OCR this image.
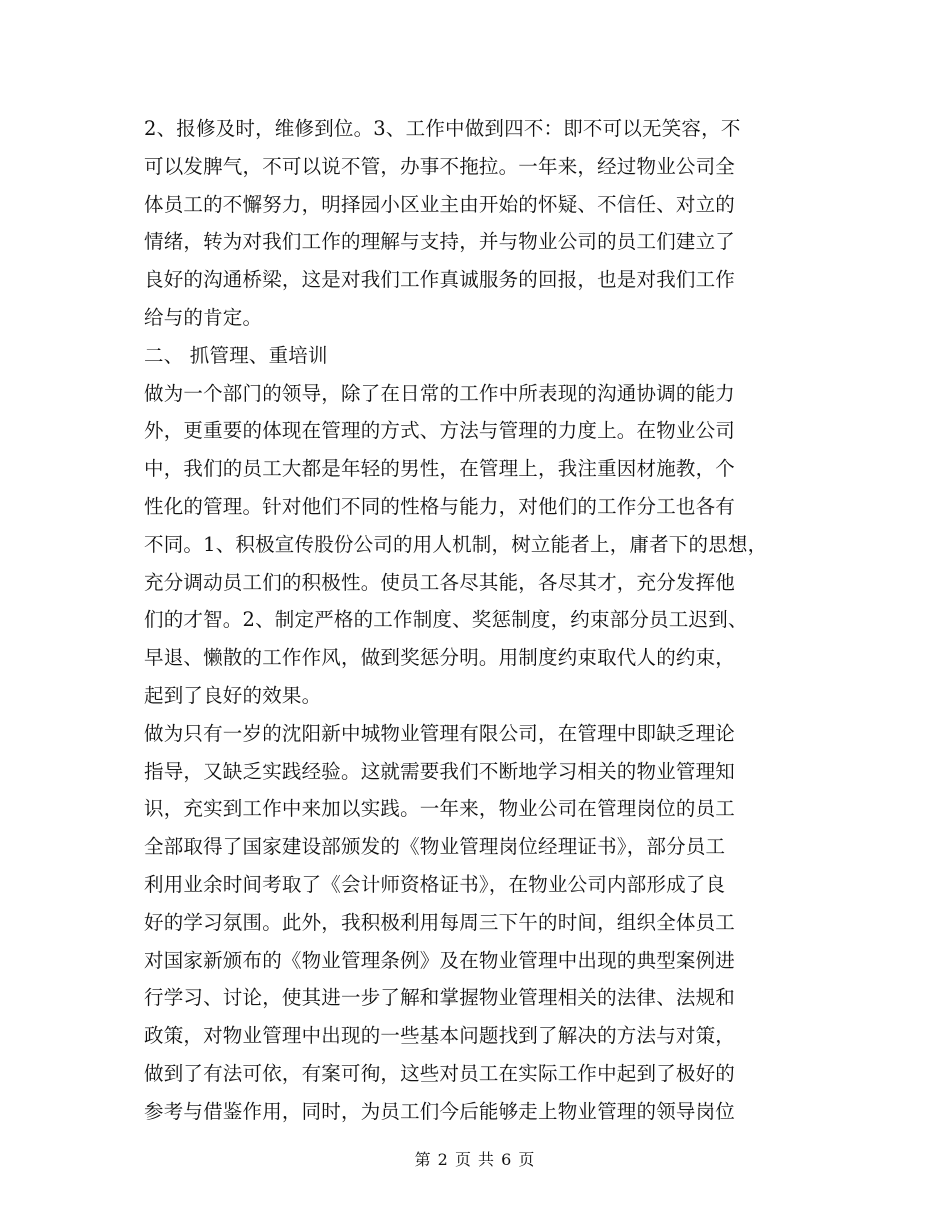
2、报修及时，维修到位。3、工作中做到四不：即不可以无笑容，不
可以发脾气，不可以说不管，办事不拖拉。一年来，经过物业公司全
体员工的不懈努力，明择园小区业主由开始的怀疑、不信任、对立的
情绪，转为对我们工作的理解与支持，并与物业公司的员工们建立了
良好的沟通桥梁，这是对我们工作真诚服务的回报，也是对我们工作
给与的肯定。
二、 抓管理、重培训
做为一个部门的领导，除了在日常的工作中所表现的沟通协调的能力
外，更重要的体现在管理的方式、方法与管理的力度上。在物业公司
中，我们的员工大都是年轻的男性，在管理上，我注重因材施教，个
性化的管理。针对他们不同的性格与能力，对他们的工作分工也各有
不同。1、积极宣传股份公司的用人机制，树立能者上，庸者下的思想，
充分调动员工们的积极性。使员工各尽其能，各尽其才，充分发挥他
们的才智。2、制定严格的工作制度、奖惩制度，约束部分员工迟到、
早退、懒散的工作作风，做到奖惩分明。用制度约束取代人的约束，
起到了良好的效果。
做为只有一岁的沈阳新中城物业管理有限公司，在管理中即缺乏理论
指导，又缺乏实践经验。这就需要我们不断地学习相关的物业管理知
识，充实到工作中来加以实践。一年来，物业公司在管理岗位的员工
全部取得了国家建设部颁发的《物业管理岗位经理证书》，部分员工
利用业余时间考取了《会计师资格证书》，在物业公司内部形成了良
好的学习氛围。此外，我积极利用每周三下午的时间，组织全体员工
对国家新颁布的《物业管理条例》及在物业管理中出现的典型案例进
行学习、讨论，使其进一步了解和掌握物业管理相关的法律、法规和
政策，对物业管理中出现的一些基本问题找到了解决的方法与对策，
做到了有法可依，有案可徇，这些对员工在实际工作中起到了极好的
参考与借鉴作用，同时，为员工们今后能够走上物业管理的领导岗位
第 2 页 共 6 页
